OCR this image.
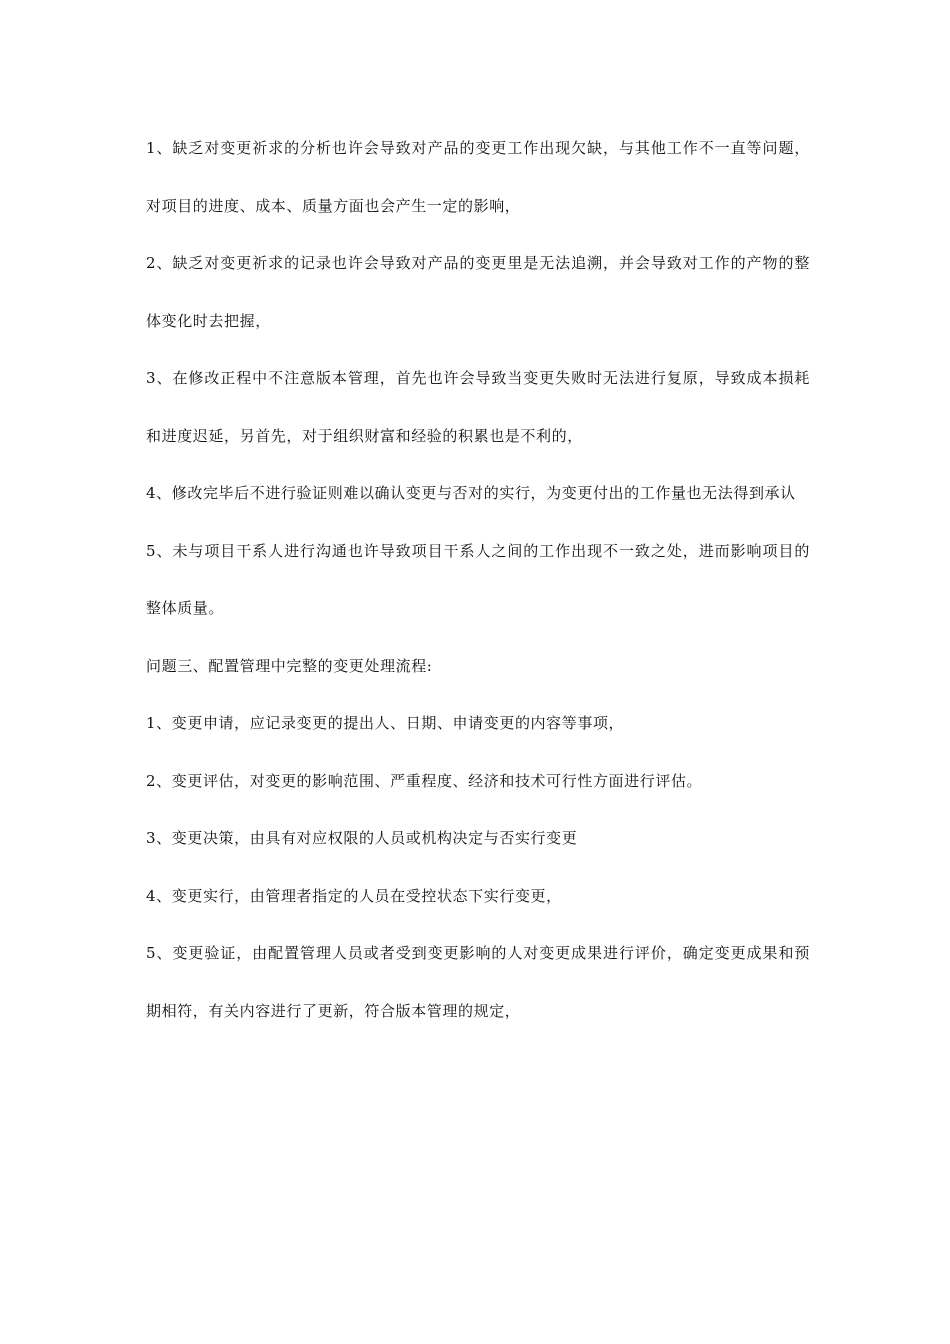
1、缺乏对变更祈求的分析也许会导致对产品的变更工作出现欠缺，与其他工作不一直等问题，对项目的进度、成本、质量方面也会产生一定的影响，

2、缺乏对变更祈求的记录也许会导致对产品的变更里是无法追溯，并会导致对工作的产物的整体变化时去把握，

3、在修改正程中不注意版本管理，首先也许会导致当变更失败时无法进行复原，导致成本损耗和进度迟延，另首先，对于组织财富和经验的积累也是不利的，

4、修改完毕后不进行验证则难以确认变更与否对的实行，为变更付出的工作量也无法得到承认

5、未与项目干系人进行沟通也许导致项目干系人之间的工作出现不一致之处，进而影响项目的整体质量。

问题三、配置管理中完整的变更处理流程:

1、变更申请，应记录变更的提出人、日期、申请变更的内容等事项，

2、变更评估，对变更的影响范围、严重程度、经济和技术可行性方面进行评估。

3、变更决策，由具有对应权限的人员或机构决定与否实行变更

4、变更实行，由管理者指定的人员在受控状态下实行变更，

5、变更验证，由配置管理人员或者受到变更影响的人对变更成果进行评价，确定变更成果和预期相符，有关内容进行了更新，符合版本管理的规定，
